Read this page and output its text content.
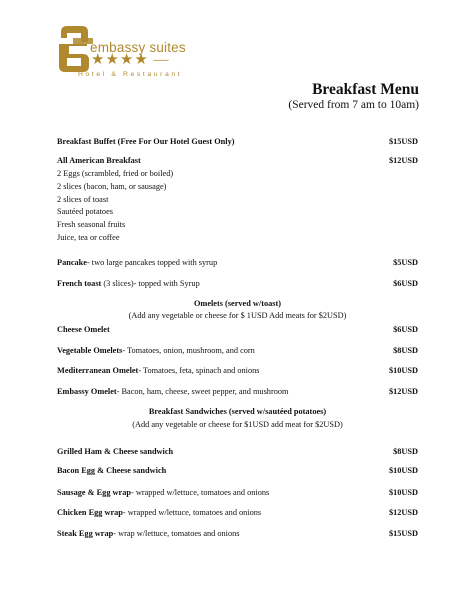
embassy suites
★★★★ —
Hotel & Restaurant
Breakfast Menu
(Served from 7 am to 10am)
Breakfast Buffet (Free For Our Hotel Guest Only)	$15USD
All American Breakfast	$12USD
2 Eggs (scrambled, fried or boiled)
2 slices (bacon, ham, or sausage)
2 slices of toast
Sautéed potatoes
Fresh seasonal fruits
Juice, tea or coffee
Pancake- two large pancakes topped with syrup	$5USD
French toast (3 slices)- topped with Syrup	$6USD
Omelets (served w/toast)
(Add any vegetable or cheese for $ 1USD Add meats for $2USD)
Cheese Omelet	$6USD
Vegetable Omelets- Tomatoes, onion, mushroom, and corn	$8USD
Mediterranean Omelet- Tomatoes, feta, spinach and onions	$10USD
Embassy Omelet- Bacon, ham, cheese, sweet pepper, and mushroom	$12USD
Breakfast Sandwiches (served w/sautéed potatoes)
(Add any vegetable or cheese for $1USD add meat for $2USD)
Grilled Ham & Cheese sandwich	$8USD
Bacon Egg & Cheese sandwich	$10USD
Sausage & Egg wrap- wrapped w/lettuce, tomatoes and onions	$10USD
Chicken Egg wrap- wrapped w/lettuce, tomatoes and onions	$12USD
Steak Egg wrap- wrap w/lettuce, tomatoes and onions	$15USD
